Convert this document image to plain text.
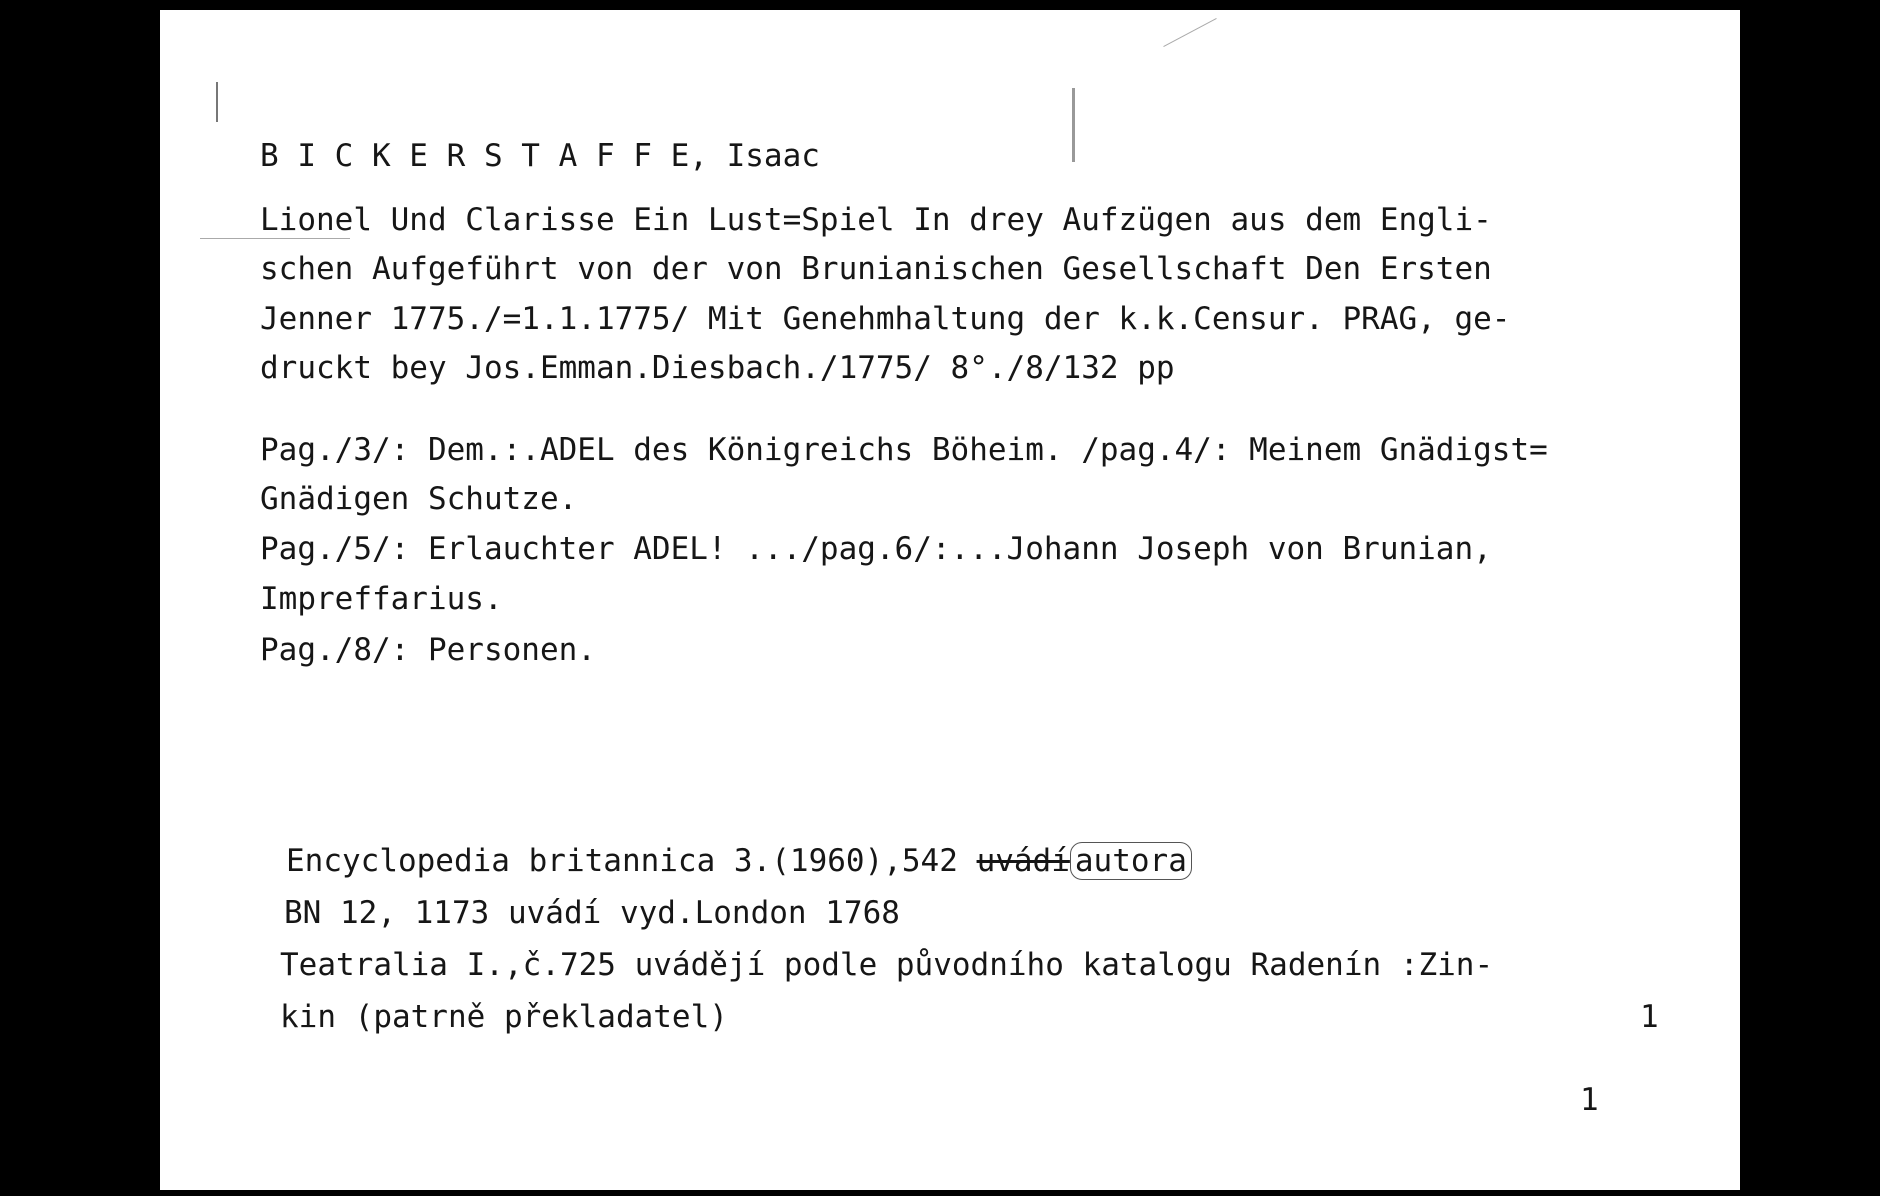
B I C K E R S T A F F E, Isaac
Lionel Und Clarisse Ein Lust=Spiel In drey Aufzügen aus dem Engli-
schen Aufgeführt von der von Brunianischen Gesellschaft Den Ersten
Jenner 1775./=1.1.1775/ Mit Genehmhaltung der k.k.Censur. PRAG, ge-
druckt bey Jos.Emman.Diesbach./1775/ 8°./8/132 pp
Pag./3/: Dem.:.ADEL des Königreichs Böheim. /pag.4/: Meinem Gnädigst=
Gnädigen Schutze.
Pag./5/: Erlauchter ADEL! .../pag.6/:...Johann Joseph von Brunian,
Impreffarius.
Pag./8/: Personen.
Encyclopedia britannica 3.(1960),542 uvádí autora
BN 12, 1173 uvádí vyd.London 1768
Teatralia I.,č.725 uvádějí podle původního katalogu Radenín :Zin-
kin (patrně překladatel)	1
1
